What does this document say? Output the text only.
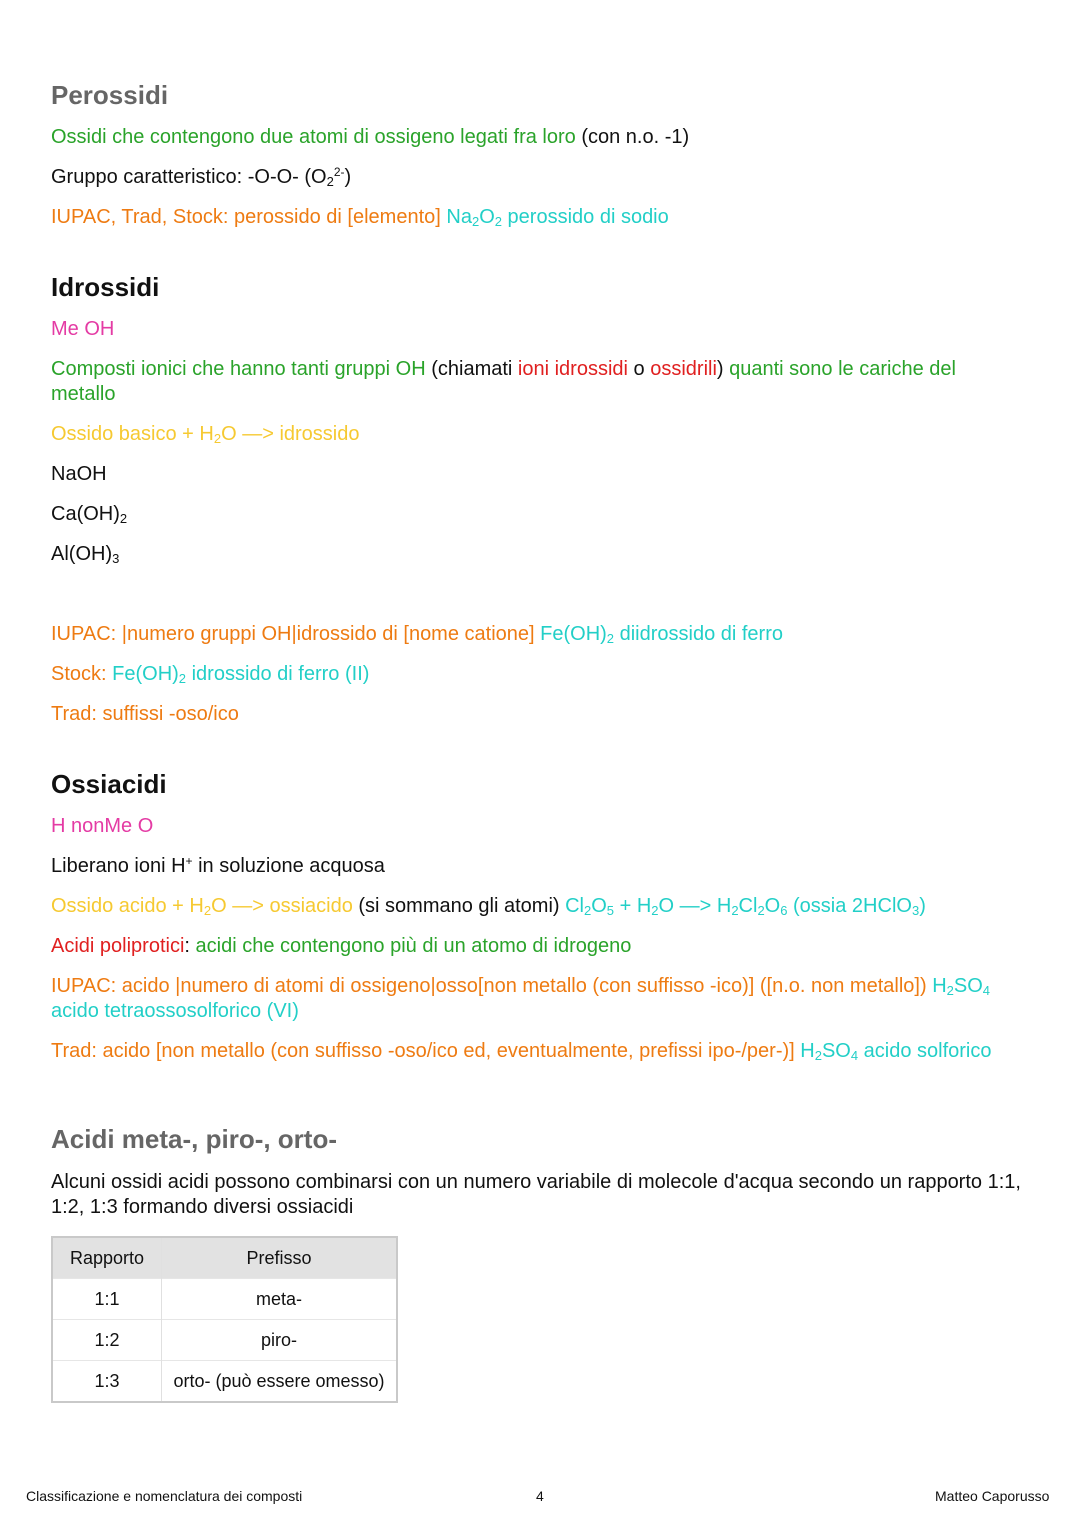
Perossidi
Ossidi che contengono due atomi di ossigeno legati fra loro (con n.o. -1)
Gruppo caratteristico: -O-O- $(O_2^{2-})$
IUPAC, Trad, Stock: perossido di [elemento] $Na_2O_2$ perossido di sodio
Idrossidi
Me OH
Composti ionici che hanno tanti gruppi OH (chiamati ioni idrossidi o ossidrili) quanti sono le cariche del metallo
Ossido basico + $H_2O$ —> idrossido
NaOH
$Ca(OH)_2$
$Al(OH)_3$
IUPAC: |numero gruppi OH|idrossido di [nome catione] $Fe(OH)_2$ diidrossido di ferro
Stock: $Fe(OH)_2$ idrossido di ferro (II)
Trad: suffissi -oso/ico
Ossiacidi
H nonMe O
Liberano ioni H+ in soluzione acquosa
Ossido acido + $H_2O$ —> ossiacido (si sommano gli atomi) $Cl_2O_5 + H_2O$ —> $H_2Cl_2O_6$ (ossia 2HClO$_3$)
Acidi poliprotici: acidi che contengono più di un atomo di idrogeno
IUPAC: acido |numero di atomi di ossigeno|osso[non metallo (con suffisso -ico)] ([n.o. non metallo]) $H_2SO_4$ acido tetraossosolforico (VI)
Trad: acido [non metallo (con suffisso -oso/ico ed, eventualmente, prefissi ipo-/per-)] $H_2SO_4$ acido solforico
Acidi meta-, piro-, orto-
Alcuni ossidi acidi possono combinarsi con un numero variabile di molecole d'acqua secondo un rapporto 1:1, 1:2, 1:3 formando diversi ossiacidi
Rapporto	Prefisso
1:1	meta-
1:2	piro-
1:3	orto- (può essere omesso)
Classificazione e nomenclatura dei composti	4	Matteo Caporusso
